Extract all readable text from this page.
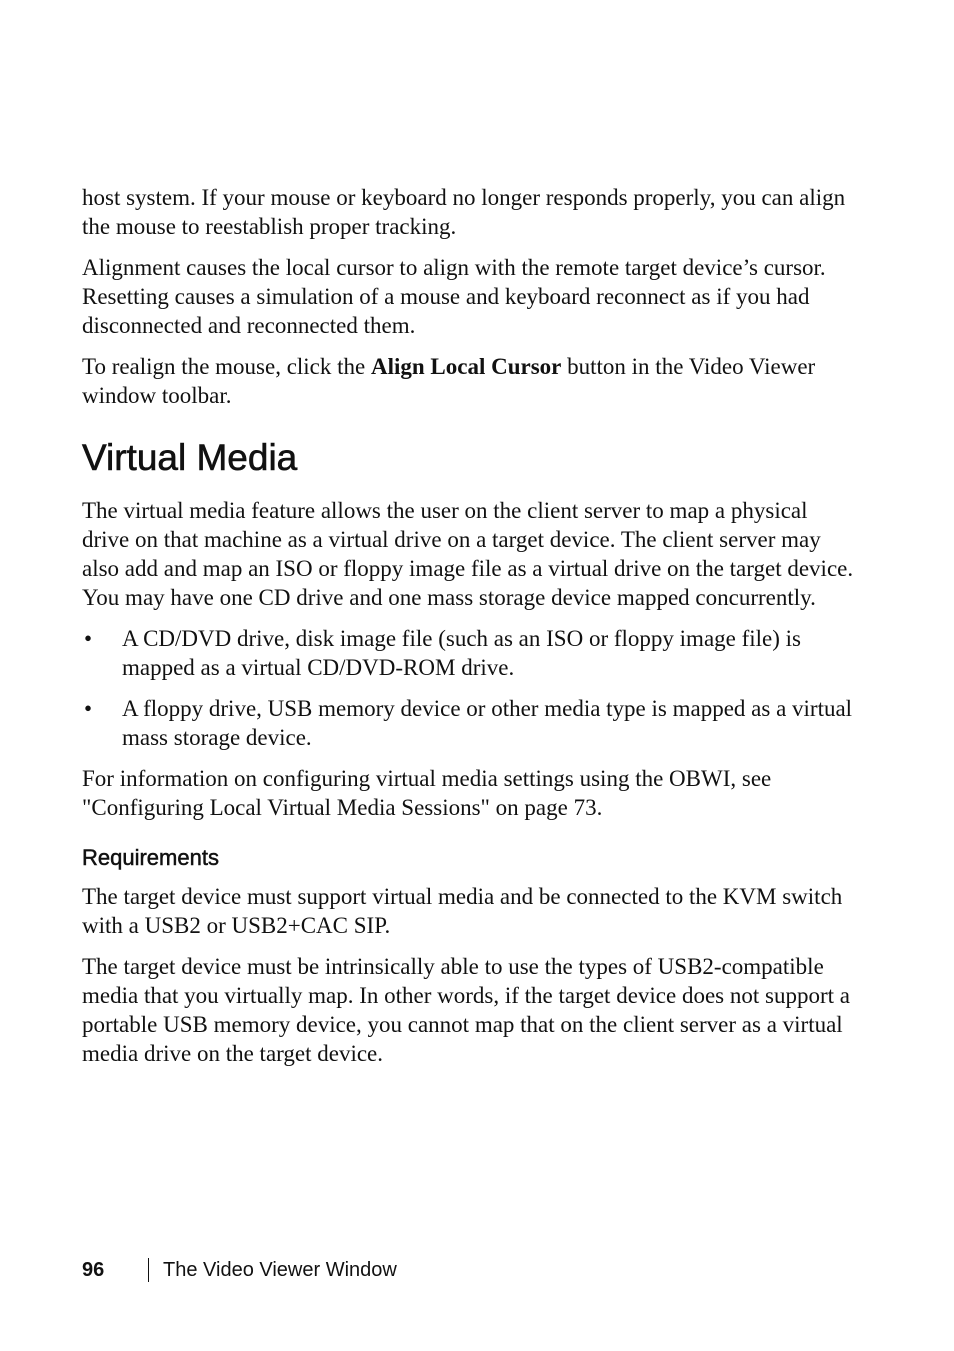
host system. If your mouse or keyboard no longer responds properly, you can align the mouse to reestablish proper tracking.

Alignment causes the local cursor to align with the remote target device’s cursor. Resetting causes a simulation of a mouse and keyboard reconnect as if you had disconnected and reconnected them.

To realign the mouse, click the Align Local Cursor button in the Video Viewer window toolbar.

Virtual Media

The virtual media feature allows the user on the client server to map a physical drive on that machine as a virtual drive on a target device. The client server may also add and map an ISO or floppy image file as a virtual drive on the target device. You may have one CD drive and one mass storage device mapped concurrently.

• A CD/DVD drive, disk image file (such as an ISO or floppy image file) is mapped as a virtual CD/DVD-ROM drive.
• A floppy drive, USB memory device or other media type is mapped as a virtual mass storage device.

For information on configuring virtual media settings using the OBWI, see "Configuring Local Virtual Media Sessions" on page 73.

Requirements

The target device must support virtual media and be connected to the KVM switch with a USB2 or USB2+CAC SIP.

The target device must be intrinsically able to use the types of USB2-compatible media that you virtually map. In other words, if the target device does not support a portable USB memory device, you cannot map that on the client server as a virtual media drive on the target device.

96	The Video Viewer Window
